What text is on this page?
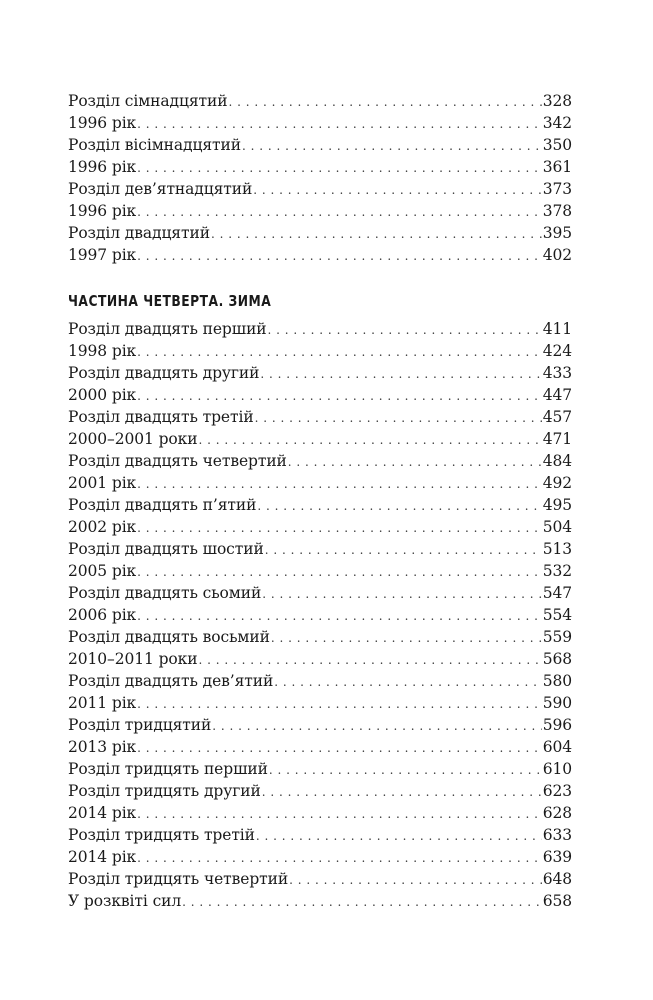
Розділ сімнадцятий . . .	328
1996 рік . . .	342
Розділ вісімнадцятий . . .	350
1996 рік . . .	361
Розділ дев’ятнадцятий . . .	373
1996 рік . . .	378
Розділ двадцятий . . .	395
1997 рік . . .	402
ЧАСТИНА ЧЕТВЕРТА. ЗИМА
Розділ двадцять перший . . .	411
1998 рік . . .	424
Розділ двадцять другий . . .	433
2000 рік . . .	447
Розділ двадцять третій . . .	457
2000–2001 роки . . .	471
Розділ двадцять четвертий . . .	484
2001 рік . . .	492
Розділ двадцять п’ятий . . .	495
2002 рік . . .	504
Розділ двадцять шостий . . .	513
2005 рік . . .	532
Розділ двадцять сьомий . . .	547
2006 рік . . .	554
Розділ двадцять восьмий . . .	559
2010–2011 роки . . .	568
Розділ двадцять дев’ятий . . .	580
2011 рік . . .	590
Розділ тридцятий . . .	596
2013 рік . . .	604
Розділ тридцять перший . . .	610
Розділ тридцять другий . . .	623
2014 рік . . .	628
Розділ тридцять третій . . .	633
2014 рік . . .	639
Розділ тридцять четвертий . . .	648
У розквіті сил . . .	658
